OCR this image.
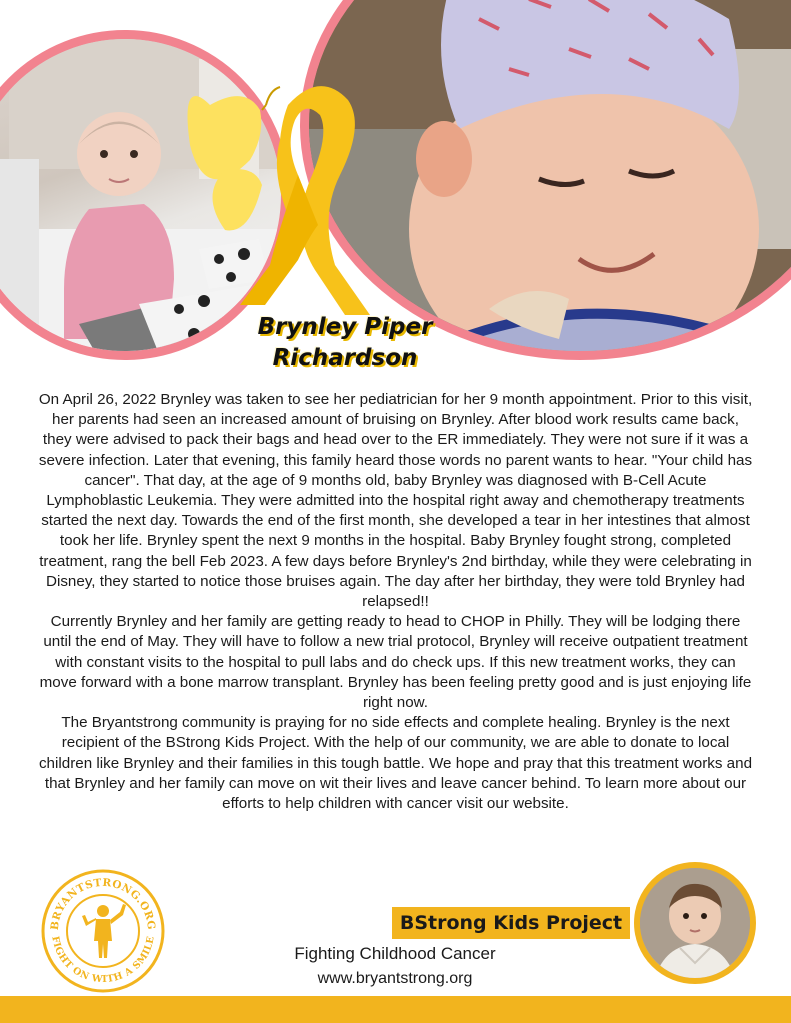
Brynley Piper
Richardson

On April 26, 2022 Brynley was taken to see her pediatrician for her 9 month appointment. Prior to this visit, her parents had seen an increased amount of bruising on Brynley. After blood work results came back, they were advised to pack their bags and head over to the ER immediately. They were not sure if it was a severe infection. Later that evening, this family heard those words no parent wants to hear. "Your child has cancer". That day, at the age of 9 months old, baby Brynley was diagnosed with B-Cell Acute Lymphoblastic Leukemia. They were admitted into the hospital right away and chemotherapy treatments started the next day. Towards the end of the first month, she developed a tear in her intestines that almost took her life. Brynley spent the next 9 months in the hospital. Baby Brynley fought strong, completed treatment, rang the bell Feb 2023. A few days before Brynley's 2nd birthday, while they were celebrating in Disney, they started to notice those bruises again. The day after her birthday, they were told Brynley had relapsed!!

Currently Brynley and her family are getting ready to head to CHOP in Philly. They will be lodging there until the end of May. They will have to follow a new trial protocol, Brynley will receive outpatient treatment with constant visits to the hospital to pull labs and do check ups. If this new treatment works, they can move forward with a bone marrow transplant. Brynley has been feeling pretty good and is just enjoying life right now.

The Bryantstrong community is praying for no side effects and complete healing. Brynley is the next recipient of the BStrong Kids Project. With the help of our community, we are able to donate to local children like Brynley and their families in this tough battle. We hope and pray that this treatment works and that Brynley and her family can move on wit their lives and leave cancer behind. To learn more about our efforts to help children with cancer visit our website.

BRYANTSTRONG.ORG
FIGHT ON WITH A SMILE
BStrong Kids Project
Fighting Childhood Cancer
www.bryantstrong.org
